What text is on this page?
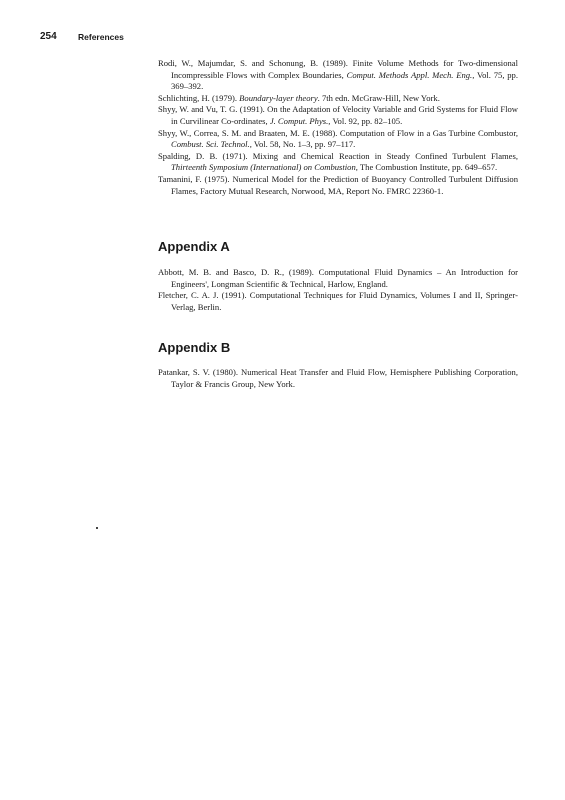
254	References

Rodi, W., Majumdar, S. and Schonung, B. (1989). Finite Volume Methods for Two-dimensional Incompressible Flows with Complex Boundaries, Comput. Methods Appl. Mech. Eng., Vol. 75, pp. 369–392.

Schlichting, H. (1979). Boundary-layer theory. 7th edn. McGraw-Hill, New York.

Shyy, W. and Vu, T. G. (1991). On the Adaptation of Velocity Variable and Grid Systems for Fluid Flow in Curvilinear Co-ordinates, J. Comput. Phys., Vol. 92, pp. 82–105.

Shyy, W., Correa, S. M. and Braaten, M. E. (1988). Computation of Flow in a Gas Turbine Combustor, Combust. Sci. Technol., Vol. 58, No. 1–3, pp. 97–117.

Spalding, D. B. (1971). Mixing and Chemical Reaction in Steady Confined Turbulent Flames, Thirteenth Symposium (International) on Combustion, The Combustion Institute, pp. 649–657.

Tamanini, F. (1975). Numerical Model for the Prediction of Buoyancy Controlled Turbulent Diffusion Flames, Factory Mutual Research, Norwood, MA, Report No. FMRC 22360-1.

Appendix A

Abbott, M. B. and Basco, D. R., (1989). Computational Fluid Dynamics – An Introduction for Engineers', Longman Scientific & Technical, Harlow, England.

Fletcher, C. A. J. (1991). Computational Techniques for Fluid Dynamics, Volumes I and II, Springer-Verlag, Berlin.

Appendix B

Patankar, S. V. (1980). Numerical Heat Transfer and Fluid Flow, Hemisphere Publishing Corporation, Taylor & Francis Group, New York.
